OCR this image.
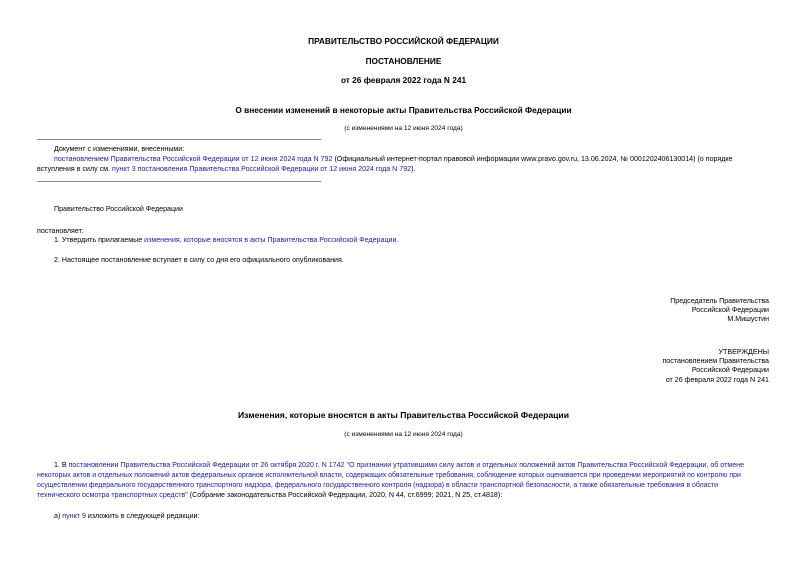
ПРАВИТЕЛЬСТВО РОССИЙСКОЙ ФЕДЕРАЦИИ
ПОСТАНОВЛЕНИЕ
от 26 февраля 2022 года N 241
О внесении изменений в некоторые акты Правительства Российской Федерации
(с изменениями на 12 июня 2024 года)
Документ с изменениями, внесенными:
постановлением Правительства Российской Федерации от 12 июня 2024 года N 792 (Официальный интернет-портал правовой информации www.pravo.gov.ru, 13.06.2024, № 0001202406130014) (о порядке
вступления в силу см. пункт 3 постановления Правительства Российской Федерации от 12 июня 2024 года N 792).
Правительство Российской Федерации
постановляет:
1. Утвердить прилагаемые изменения, которые вносятся в акты Правительства Российской Федерации.
2. Настоящее постановление вступает в силу со дня его официального опубликования.
Председатель Правительства
Российской Федерации
М.Мишустин
УТВЕРЖДЕНЫ
постановлением Правительства
Российской Федерации
от 26 февраля 2022 года N 241
Изменения, которые вносятся в акты Правительства Российской Федерации
(с изменениями на 12 июня 2024 года)
1. В постановлении Правительства Российской Федерации от 26 октября 2020 г. N 1742 "О признании утратившими силу актов и отдельных положений актов Правительства Российской Федерации, об отмене
некоторых актов и отдельных положений актов федеральных органов исполнительной власти, содержащих обязательные требования, соблюдение которых оценивается при проведении мероприятий по контролю при
осуществлении федерального государственного транспортного надзора, федерального государственного контроля (надзора) в области транспортной безопасности, а также обязательные требования в области
технического осмотра транспортных средств" (Собрание законодательства Российской Федерации, 2020, N 44, ст.6999; 2021, N 25, ст.4818):
а) пункт 9 изложить в следующей редакции:
